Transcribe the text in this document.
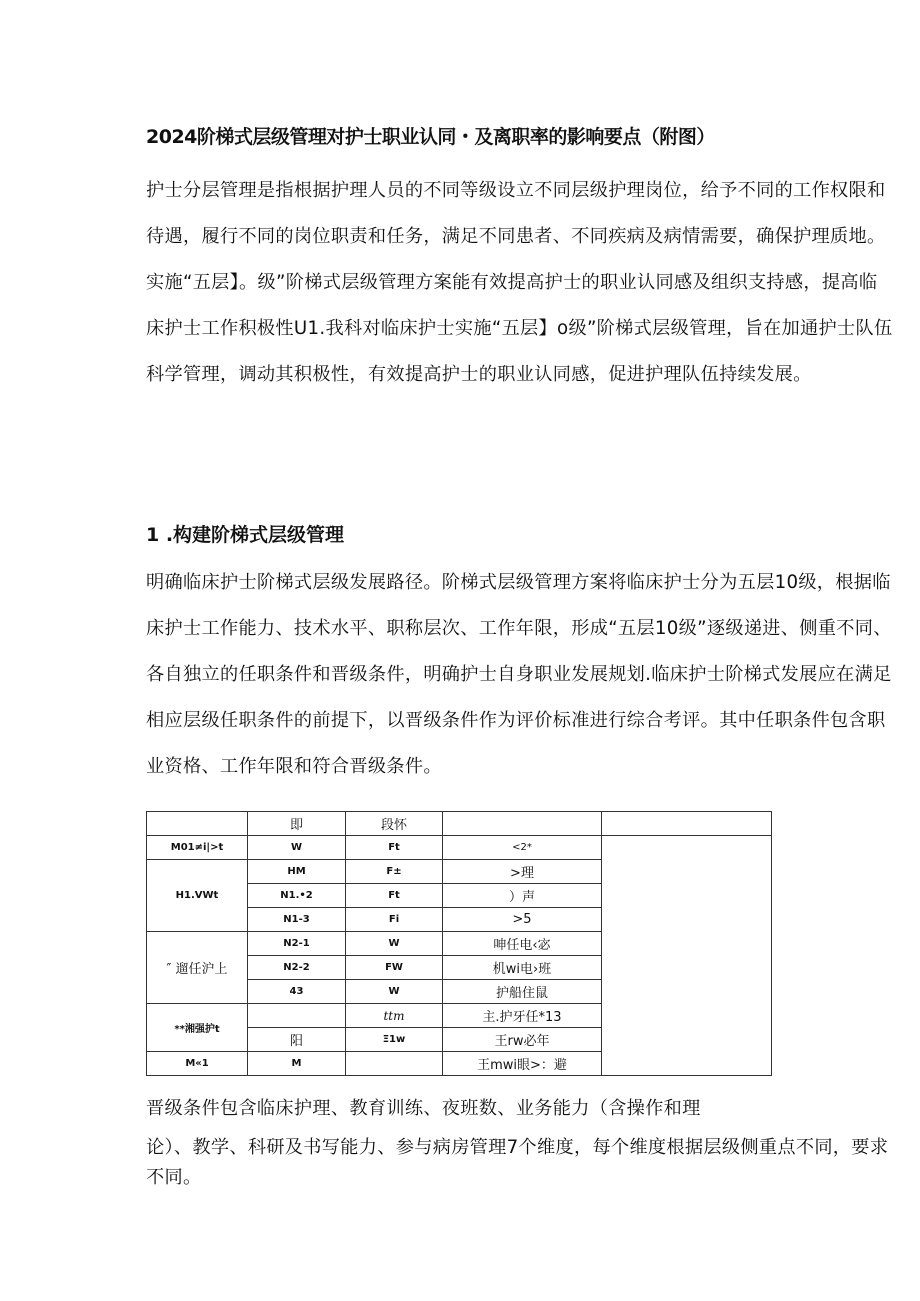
2024阶梯式层级管理对护士职业认同・及离职率的影响要点（附图）

护士分层管理是指根据护理人员的不同等级设立不同层级护理岗位，给予不同的工作权限和待遇，履行不同的岗位职责和任务，满足不同患者、不同疾病及病情需要，确保护理质地。实施“五层】。级”阶梯式层级管理方案能有效提高护士的职业认同感及组织支持感，提高临床护士工作积极性U1.我科对临床护士实施“五层】o级”阶梯式层级管理，旨在加通护士队伍科学管理，调动其积极性，有效提高护士的职业认同感，促进护理队伍持续发展。

1 .构建阶梯式层级管理

明确临床护士阶梯式层级发展路径。阶梯式层级管理方案将临床护士分为五层10级，根据临床护士工作能力、技术水平、职称层次、工作年限，形成“五层10级”逐级递进、侧重不同、各自独立的任职条件和晋级条件，明确护士自身职业发展规划.临床护士阶梯式发展应在满足相应层级任职条件的前提下，以晋级条件作为评价标准进行综合考评。其中任职条件包含职业资格、工作年限和符合晋级条件。

	即	段怀		
M01≠i|>t	W	Ft	<2*	
H1.VWt	HM	F±	>理	
	N1.•2	Ft	）声	
	N1-3	Fi	>5	
″ 遛任沪上	N2-1	W	呻任电‹宓	
	N2-2	FW	机wi电›班	
	43	W	护船住鼠	
**湘强护t		ttm	主.护牙任*13	
	阳	Ξ1w	王rw必年	
M«1	M		王mwi眼>：避	

晋级条件包含临床护理、教育训练、夜班数、业务能力（含操作和理

论）、教学、科研及书写能力、参与病房管理7个维度，每个维度根据层级侧重点不同，要求不同。
